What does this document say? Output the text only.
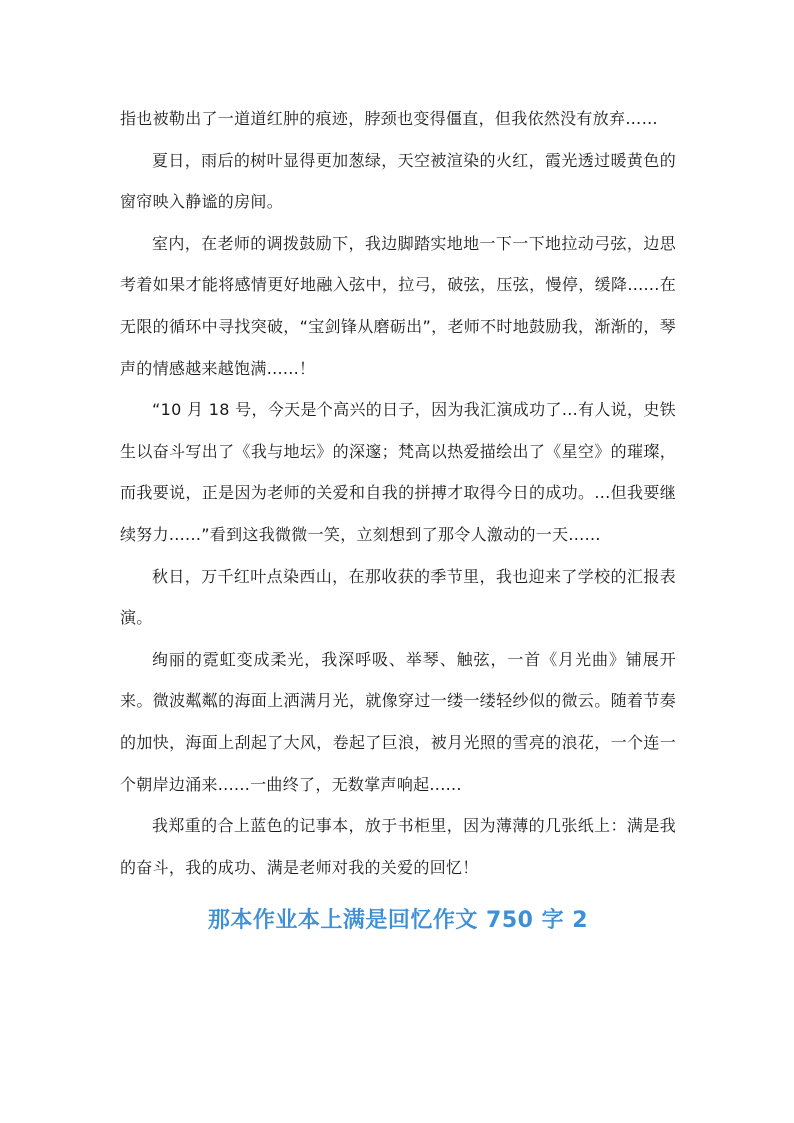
指也被勒出了一道道红肿的痕迹，脖颈也变得僵直，但我依然没有放弃……

夏日，雨后的树叶显得更加葱绿，天空被渲染的火红，霞光透过暖黄色的窗帘映入静谧的房间。

室内，在老师的调拨鼓励下，我边脚踏实地地一下一下地拉动弓弦，边思考着如果才能将感情更好地融入弦中，拉弓，破弦，压弦，慢停，缓降......在无限的循环中寻找突破，“宝剑锋从磨砺出”，老师不时地鼓励我，渐渐的，琴声的情感越来越饱满......！

“10 月 18 号，今天是个高兴的日子，因为我汇演成功了...有人说，史铁生以奋斗写出了《我与地坛》的深邃；梵高以热爱描绘出了《星空》的璀璨，而我要说，正是因为老师的关爱和自我的拼搏才取得今日的成功。...但我要继续努力......”看到这我微微一笑，立刻想到了那令人激动的一天......

秋日，万千红叶点染西山，在那收获的季节里，我也迎来了学校的汇报表演。

绚丽的霓虹变成柔光，我深呼吸、举琴、触弦，一首《月光曲》铺展开来。微波粼粼的海面上洒满月光，就像穿过一缕一缕轻纱似的微云。随着节奏的加快，海面上刮起了大风，卷起了巨浪，被月光照的雪亮的浪花，一个连一个朝岸边涌来......一曲终了，无数掌声响起......

我郑重的合上蓝色的记事本，放于书柜里，因为薄薄的几张纸上：满是我的奋斗，我的成功、满是老师对我的关爱的回忆！

那本作业本上满是回忆作文 750 字 2
